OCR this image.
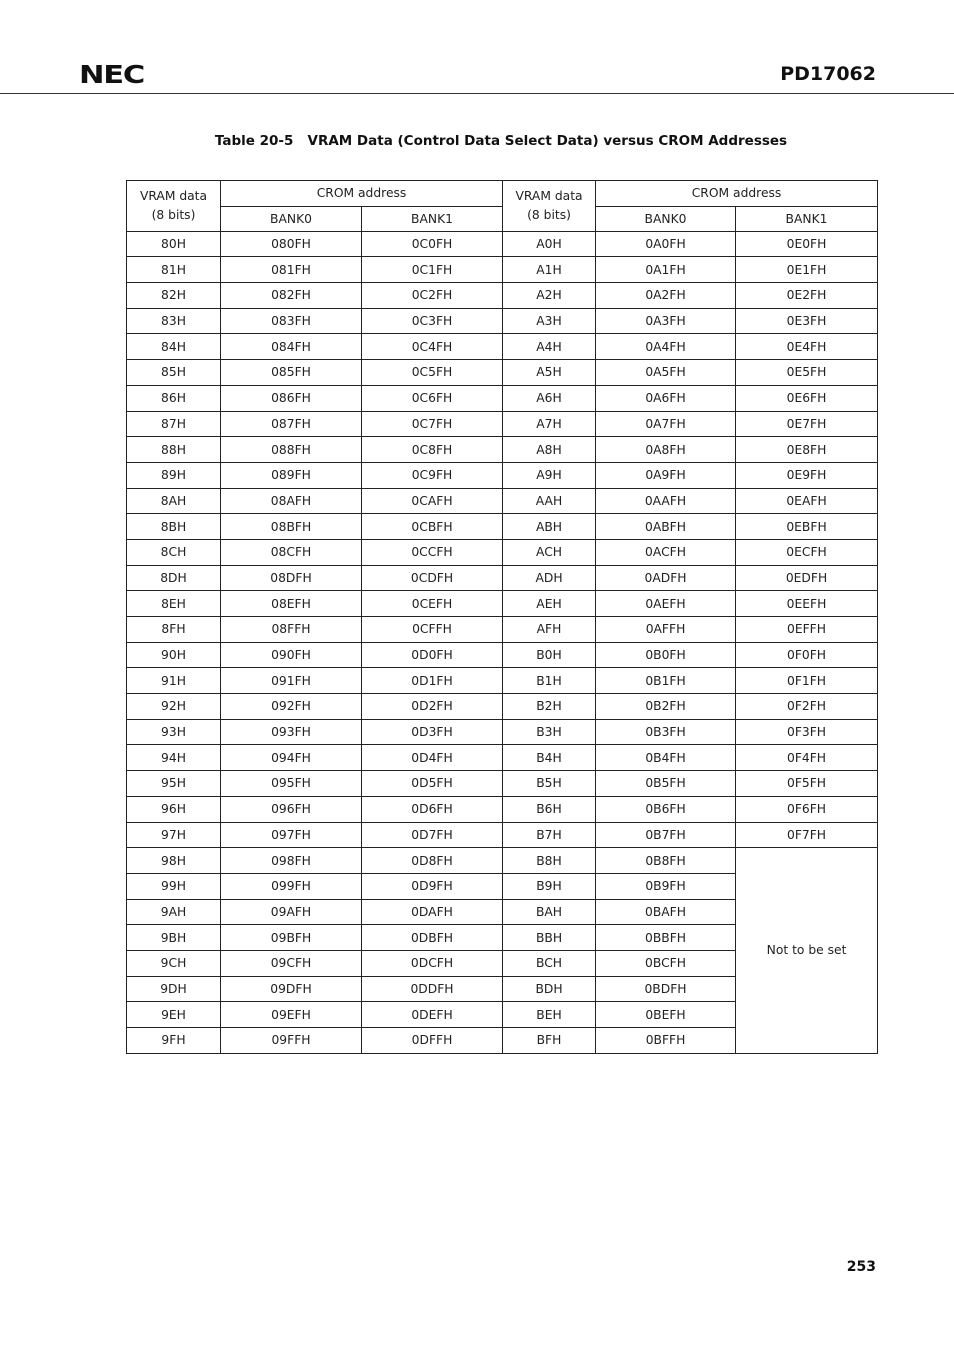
NEC	PD17062
Table 20-5   VRAM Data (Control Data Select Data) versus CROM Addresses
VRAM data
(8 bits)	CROM address		VRAM data
(8 bits)	CROM address	
	BANK0	BANK1		BANK0	BANK1
80H	080FH	0C0FH	A0H	0A0FH	0E0FH
81H	081FH	0C1FH	A1H	0A1FH	0E1FH
82H	082FH	0C2FH	A2H	0A2FH	0E2FH
83H	083FH	0C3FH	A3H	0A3FH	0E3FH
84H	084FH	0C4FH	A4H	0A4FH	0E4FH
85H	085FH	0C5FH	A5H	0A5FH	0E5FH
86H	086FH	0C6FH	A6H	0A6FH	0E6FH
87H	087FH	0C7FH	A7H	0A7FH	0E7FH
88H	088FH	0C8FH	A8H	0A8FH	0E8FH
89H	089FH	0C9FH	A9H	0A9FH	0E9FH
8AH	08AFH	0CAFH	AAH	0AAFH	0EAFH
8BH	08BFH	0CBFH	ABH	0ABFH	0EBFH
8CH	08CFH	0CCFH	ACH	0ACFH	0ECFH
8DH	08DFH	0CDFH	ADH	0ADFH	0EDFH
8EH	08EFH	0CEFH	AEH	0AEFH	0EEFH
8FH	08FFH	0CFFH	AFH	0AFFH	0EFFH
90H	090FH	0D0FH	B0H	0B0FH	0F0FH
91H	091FH	0D1FH	B1H	0B1FH	0F1FH
92H	092FH	0D2FH	B2H	0B2FH	0F2FH
93H	093FH	0D3FH	B3H	0B3FH	0F3FH
94H	094FH	0D4FH	B4H	0B4FH	0F4FH
95H	095FH	0D5FH	B5H	0B5FH	0F5FH
96H	096FH	0D6FH	B6H	0B6FH	0F6FH
97H	097FH	0D7FH	B7H	0B7FH	0F7FH
98H	098FH	0D8FH	B8H	0B8FH	Not to be set
99H	099FH	0D9FH	B9H	0B9FH	
9AH	09AFH	0DAFH	BAH	0BAFH	
9BH	09BFH	0DBFH	BBH	0BBFH	
9CH	09CFH	0DCFH	BCH	0BCFH	
9DH	09DFH	0DDFH	BDH	0BDFH	
9EH	09EFH	0DEFH	BEH	0BEFH	
9FH	09FFH	0DFFH	BFH	0BFFH	
253
